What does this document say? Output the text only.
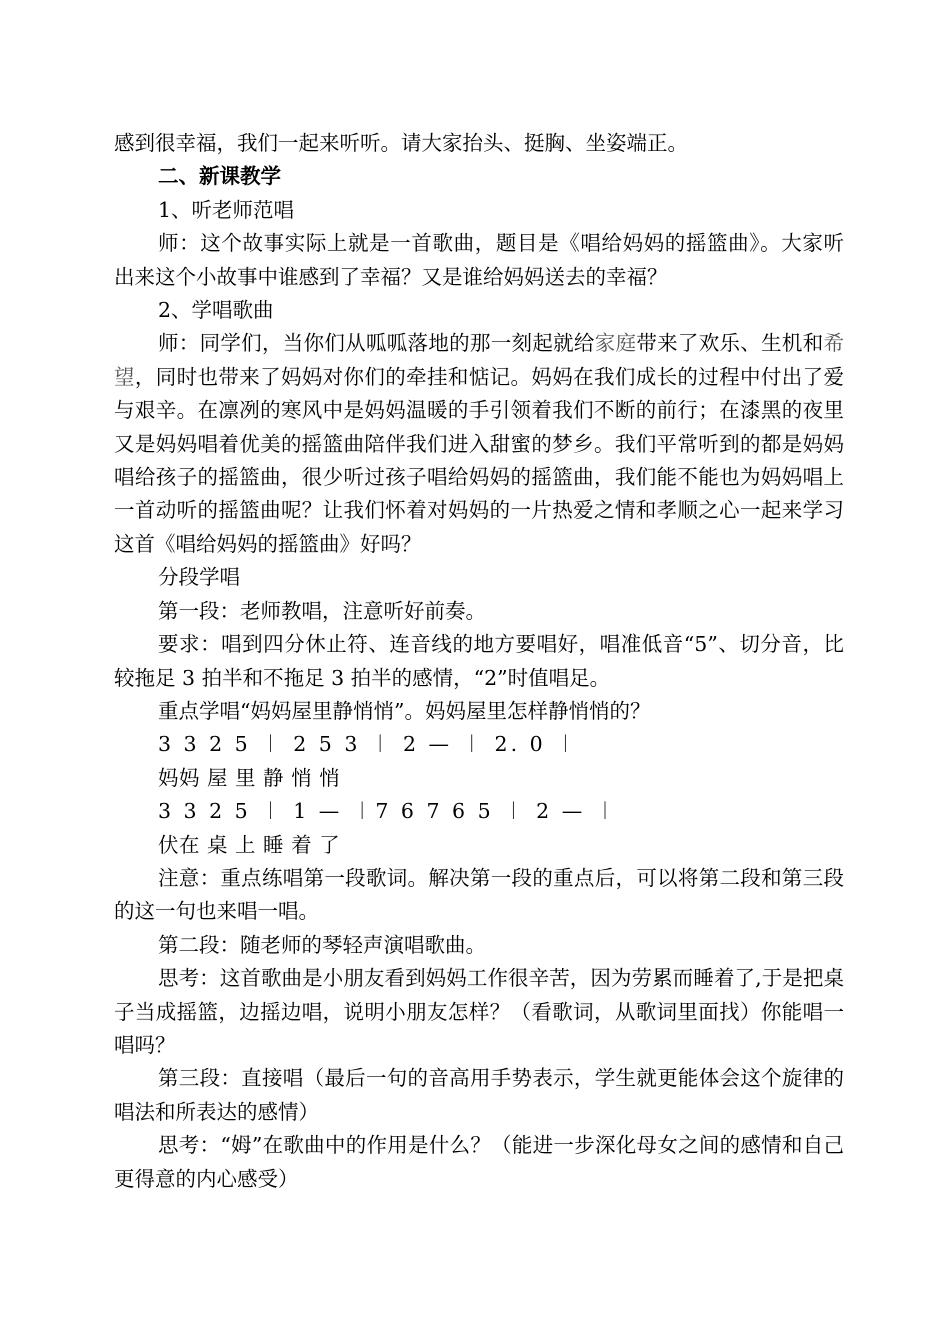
感到很幸福，我们一起来听听。请大家抬头、挺胸、坐姿端正。

二、新课教学

1、听老师范唱

师：这个故事实际上就是一首歌曲，题目是《唱给妈妈的摇篮曲》。大家听出来这个小故事中谁感到了幸福？又是谁给妈妈送去的幸福？

2、学唱歌曲

师：同学们，当你们从呱呱落地的那一刻起就给家庭带来了欢乐、生机和希望，同时也带来了妈妈对你们的牵挂和惦记。妈妈在我们成长的过程中付出了爱与艰辛。在凛冽的寒风中是妈妈温暖的手引领着我们不断的前行；在漆黑的夜里又是妈妈唱着优美的摇篮曲陪伴我们进入甜蜜的梦乡。我们平常听到的都是妈妈唱给孩子的摇篮曲，很少听过孩子唱给妈妈的摇篮曲，我们能不能也为妈妈唱上一首动听的摇篮曲呢？让我们怀着对妈妈的一片热爱之情和孝顺之心一起来学习这首《唱给妈妈的摇篮曲》好吗？

分段学唱

第一段：老师教唱，注意听好前奏。

要求：唱到四分休止符、连音线的地方要唱好，唱准低音“5”、切分音，比较拖足 3 拍半和不拖足 3 拍半的感情，“2”时值唱足。

重点学唱“妈妈屋里静悄悄”。妈妈屋里怎样静悄悄的？

3 3 2 5 ︱ 2 5 3 ︱ 2 — ︱ 2. 0 ︱

妈妈 屋 里 静 悄 悄

3 3 2 5 ︱ 1 — ︱7 6 7 6 5 ︱ 2 — ︱

伏在 桌 上 睡 着 了

注意：重点练唱第一段歌词。解决第一段的重点后，可以将第二段和第三段的这一句也来唱一唱。

第二段：随老师的琴轻声演唱歌曲。

思考：这首歌曲是小朋友看到妈妈工作很辛苦，因为劳累而睡着了,于是把桌子当成摇篮，边摇边唱，说明小朋友怎样？（看歌词，从歌词里面找）你能唱一唱吗？

第三段：直接唱（最后一句的音高用手势表示，学生就更能体会这个旋律的唱法和所表达的感情）

思考：“姆”在歌曲中的作用是什么？（能进一步深化母女之间的感情和自己更得意的内心感受）
